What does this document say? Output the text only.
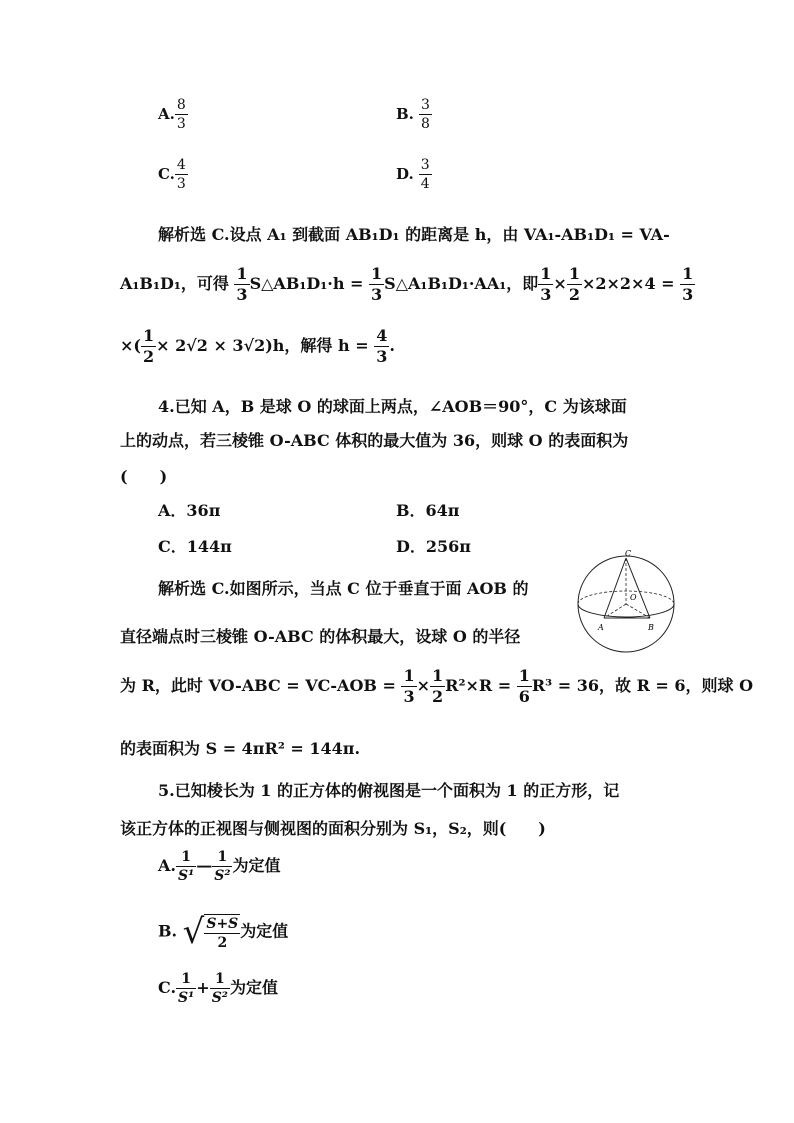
A. $\frac{8}{3}$	B. $\frac{3}{8}$
C. $\frac{4}{3}$	D. $\frac{3}{4}$
解析选 C.设点 A₁ 到截面 AB₁D₁ 的距离是 h，由 VA₁-AB₁D₁ = VA-
A₁B₁D₁，可得 $\frac{1}{3}$ S△AB₁D₁·h = $\frac{1}{3}$ S△A₁B₁D₁·AA₁，即 $\frac{1}{3} \times \frac{1}{2} \times 2\times 2\times 4 = \frac{1}{3}$
×( $\frac{1}{2} \times 2√2 \times 3√2)h$，解得 $h = \frac{4}{3}$ .
4.已知 A，B 是球 O 的球面上两点，∠AOB＝90°，C 为该球面
上的动点，若三棱锥 O-ABC 体积的最大值为 36，则球 O 的表面积为
(　　)
A．36π	B．64π
C．144π	D．256π
解析选 C.如图所示，当点 C 位于垂直于面 AOB 的
直径端点时三棱锥 O-ABC 的体积最大，设球 O 的半径
为 R，此时 $VO-ABC = VC-AOB = \frac{1}{3} \times \frac{1}{2} R^2\times R = \frac{1}{6} R^3 = 36$，故 R = 6，则球 O
的表面积为 S = 4πR² = 144π.
C
O
A	B
5.已知棱长为 1 的正方体的俯视图是一个面积为 1 的正方形，记
该正方体的正视图与侧视图的面积分别为 S₁，S₂，则(　　)
A. $\frac{1}{\text{S¹}}$ — $\frac{1}{\text{S²}}$ 为定值
B. √ $\frac{S+S}{2}$ 为定值
C. $\frac{1}{\text{S¹}} + \frac{1}{\text{S²}}$ 为定值
